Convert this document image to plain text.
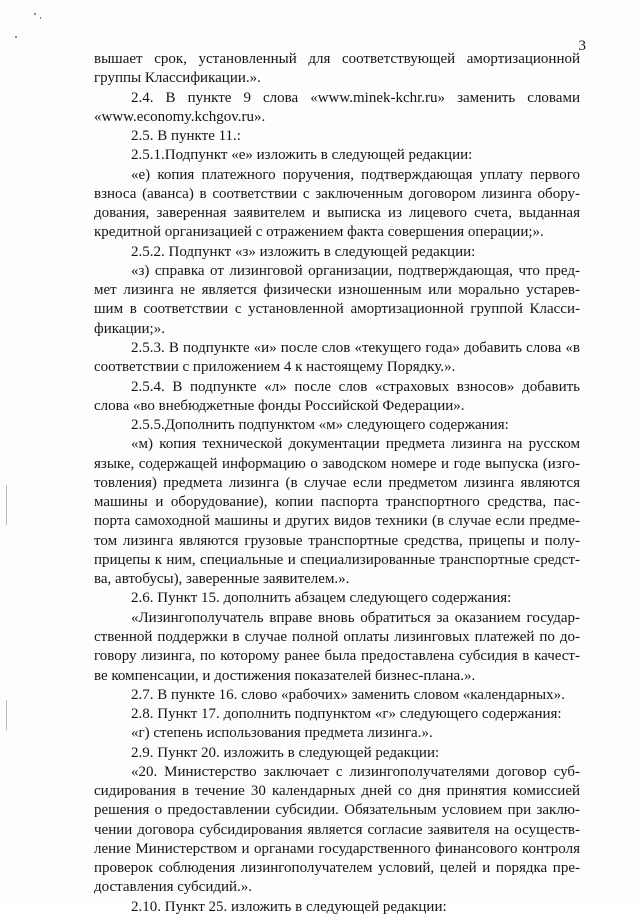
3
вышает срок, установленный для соответствующей амортизационной
группы Классификации.».
2.4. В пункте 9 слова «www.minek-kchr.ru» заменить словами
«www.economy.kchgov.ru».
2.5. В пункте 11.:
2.5.1.Подпункт «е» изложить в следующей редакции:
«е) копия платежного поручения, подтверждающая уплату первого
взноса (аванса) в соответствии с заключенным договором лизинга обору-
дования, заверенная заявителем и выписка из лицевого счета, выданная
кредитной организацией с отражением факта совершения операции;».
2.5.2. Подпункт «з» изложить в следующей редакции:
«з) справка от лизинговой организации, подтверждающая, что пред-
мет лизинга не является физически изношенным или морально устарев-
шим в соответствии с установленной амортизационной группой Класси-
фикации;».
2.5.3. В подпункте «и» после слов «текущего года» добавить слова «в
соответствии с приложением 4 к настоящему Порядку.».
2.5.4. В подпункте «л» после слов «страховых взносов» добавить
слова «во внебюджетные фонды Российской Федерации».
2.5.5.Дополнить подпунктом «м» следующего содержания:
«м) копия технической документации предмета лизинга на русском
языке, содержащей информацию о заводском номере и годе выпуска (изго-
товления) предмета лизинга (в случае если предметом лизинга являются
машины и оборудование), копии паспорта транспортного средства, пас-
порта самоходной машины и других видов техники (в случае если предме-
том лизинга являются грузовые транспортные средства, прицепы и полу-
прицепы к ним, специальные и специализированные транспортные средст-
ва, автобусы), заверенные заявителем.».
2.6. Пункт 15. дополнить абзацем следующего содержания:
«Лизингополучатель вправе вновь обратиться за оказанием государ-
ственной поддержки в случае полной оплаты лизинговых платежей по до-
говору лизинга, по которому ранее была предоставлена субсидия в качест-
ве компенсации, и достижения показателей бизнес-плана.».
2.7. В пункте 16. слово «рабочих» заменить словом «календарных».
2.8. Пункт 17. дополнить подпунктом «г» следующего содержания:
«г) степень использования предмета лизинга.».
2.9. Пункт 20. изложить в следующей редакции:
«20. Министерство заключает с лизингополучателями договор суб-
сидирования в течение 30 календарных дней со дня принятия комиссией
решения о предоставлении субсидии. Обязательным условием при заклю-
чении договора субсидирования является согласие заявителя на осуществ-
ление Министерством и органами государственного финансового контроля
проверок соблюдения лизингополучателем условий, целей и порядка пре-
доставления субсидий.».
2.10. Пункт 25. изложить в следующей редакции:
